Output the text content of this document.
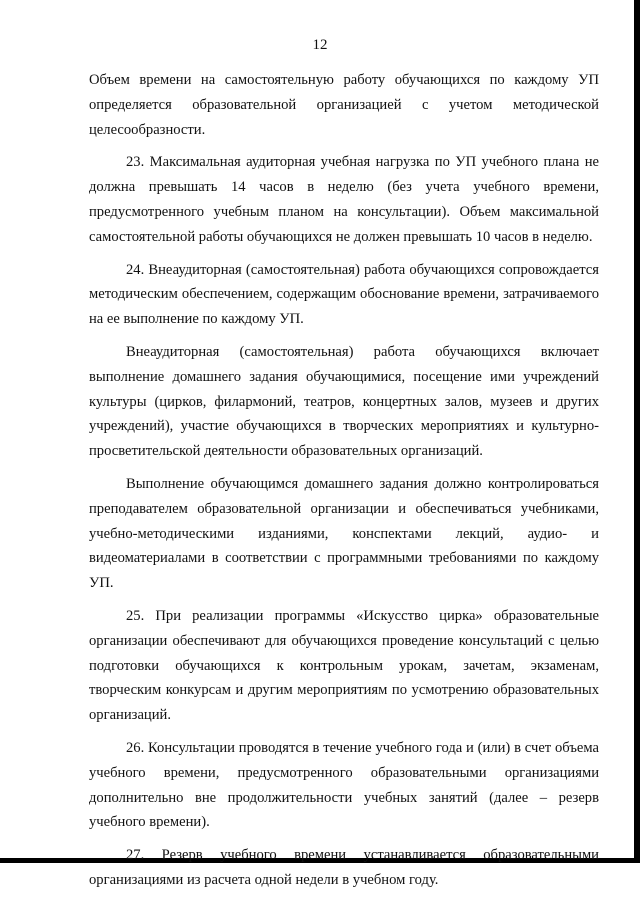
12

Объем времени на самостоятельную работу обучающихся по каждому УП определяется образовательной организацией с учетом методической целесообразности.

23. Максимальная аудиторная учебная нагрузка по УП учебного плана не должна превышать 14 часов в неделю (без учета учебного времени, предусмотренного учебным планом на консультации). Объем максимальной самостоятельной работы обучающихся не должен превышать 10 часов в неделю.

24. Внеаудиторная (самостоятельная) работа обучающихся сопровождается методическим обеспечением, содержащим обоснование времени, затрачиваемого на ее выполнение по каждому УП.

Внеаудиторная (самостоятельная) работа обучающихся включает выполнение домашнего задания обучающимися, посещение ими учреждений культуры (цирков, филармоний, театров, концертных залов, музеев и других учреждений), участие обучающихся в творческих мероприятиях и культурно-просветительской деятельности образовательных организаций.

Выполнение обучающимся домашнего задания должно контролироваться преподавателем образовательной организации и обеспечиваться учебниками, учебно-методическими изданиями, конспектами лекций, аудио- и видеоматериалами в соответствии с программными требованиями по каждому УП.

25. При реализации программы «Искусство цирка» образовательные организации обеспечивают для обучающихся проведение консультаций с целью подготовки обучающихся к контрольным урокам, зачетам, экзаменам, творческим конкурсам и другим мероприятиям по усмотрению образовательных организаций.

26. Консультации проводятся в течение учебного года и (или) в счет объема учебного времени, предусмотренного образовательными организациями дополнительно вне продолжительности учебных занятий (далее – резерв учебного времени).

27. Резерв учебного времени устанавливается образовательными организациями из расчета одной недели в учебном году.
